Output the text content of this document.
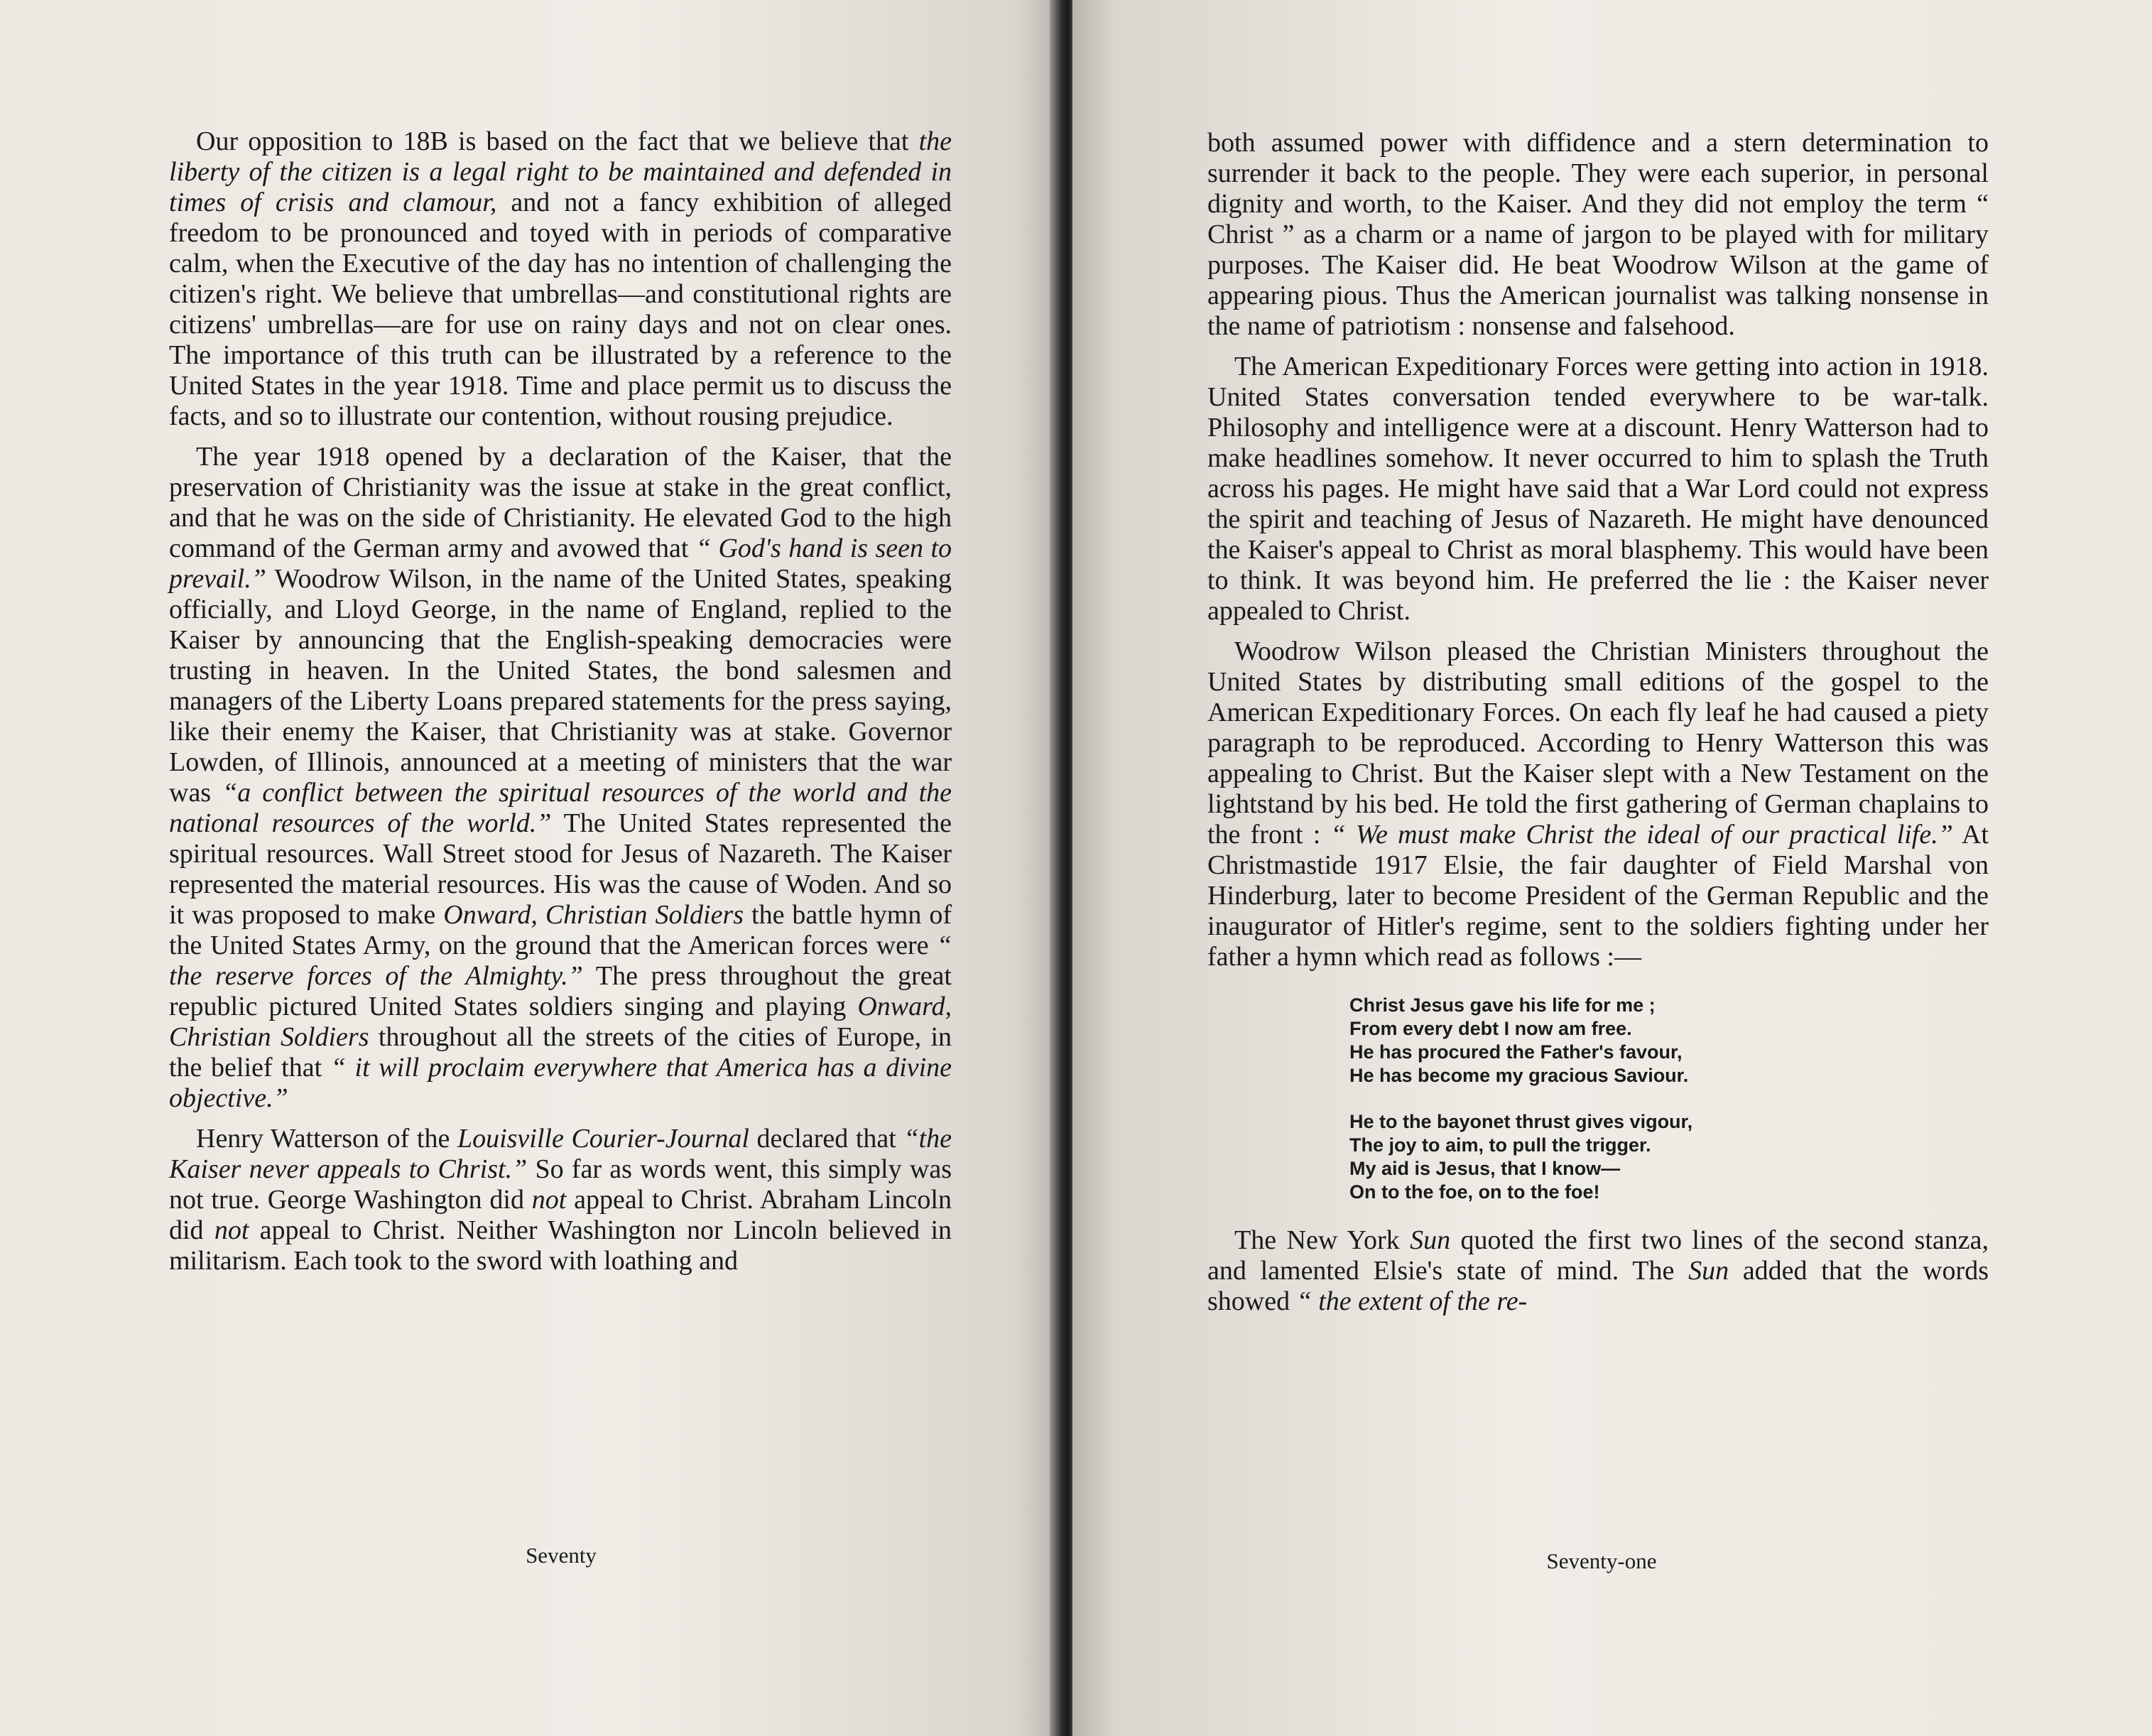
Our opposition to 18B is based on the fact that we believe that the liberty of the citizen is a legal right to be maintained and defended in times of crisis and clamour, and not a fancy exhibition of alleged freedom to be pronounced and toyed with in periods of comparative calm, when the Executive of the day has no intention of challenging the citizen's right. We believe that umbrellas—and constitutional rights are citizens' umbrellas—are for use on rainy days and not on clear ones. The importance of this truth can be illustrated by a reference to the United States in the year 1918. Time and place permit us to discuss the facts, and so to illustrate our contention, without rousing prejudice.

The year 1918 opened by a declaration of the Kaiser, that the preservation of Christianity was the issue at stake in the great conflict, and that he was on the side of Christianity. He elevated God to the high command of the German army and avowed that “ God's hand is seen to prevail.” Woodrow Wilson, in the name of the United States, speaking officially, and Lloyd George, in the name of England, replied to the Kaiser by announcing that the English-speaking democracies were trusting in heaven. In the United States, the bond salesmen and managers of the Liberty Loans prepared statements for the press saying, like their enemy the Kaiser, that Christianity was at stake. Governor Lowden, of Illinois, announced at a meeting of ministers that the war was “a conflict between the spiritual resources of the world and the national resources of the world.” The United States represented the spiritual resources. Wall Street stood for Jesus of Nazareth. The Kaiser represented the material resources. His was the cause of Woden. And so it was proposed to make Onward, Christian Soldiers the battle hymn of the United States Army, on the ground that the American forces were “ the reserve forces of the Almighty.” The press throughout the great republic pictured United States soldiers singing and playing Onward, Christian Soldiers throughout all the streets of the cities of Europe, in the belief that “ it will proclaim everywhere that America has a divine objective.”

Henry Watterson of the Louisville Courier-Journal declared that “the Kaiser never appeals to Christ.” So far as words went, this simply was not true. George Washington did not appeal to Christ. Abraham Lincoln did not appeal to Christ. Neither Washington nor Lincoln believed in militarism. Each took to the sword with loathing and

Seventy

both assumed power with diffidence and a stern determination to surrender it back to the people. They were each superior, in personal dignity and worth, to the Kaiser. And they did not employ the term “ Christ ” as a charm or a name of jargon to be played with for military purposes. The Kaiser did. He beat Woodrow Wilson at the game of appearing pious. Thus the American journalist was talking nonsense in the name of patriotism : nonsense and falsehood.

The American Expeditionary Forces were getting into action in 1918. United States conversation tended everywhere to be war-talk. Philosophy and intelligence were at a discount. Henry Watterson had to make headlines somehow. It never occurred to him to splash the Truth across his pages. He might have said that a War Lord could not express the spirit and teaching of Jesus of Nazareth. He might have denounced the Kaiser's appeal to Christ as moral blasphemy. This would have been to think. It was beyond him. He preferred the lie : the Kaiser never appealed to Christ.

Woodrow Wilson pleased the Christian Ministers throughout the United States by distributing small editions of the gospel to the American Expeditionary Forces. On each fly leaf he had caused a piety paragraph to be reproduced. According to Henry Watterson this was appealing to Christ. But the Kaiser slept with a New Testament on the lightstand by his bed. He told the first gathering of German chaplains to the front : “ We must make Christ the ideal of our practical life.” At Christmastide 1917 Elsie, the fair daughter of Field Marshal von Hinderburg, later to become President of the German Republic and the inaugurator of Hitler's regime, sent to the soldiers fighting under her father a hymn which read as follows :—

Christ Jesus gave his life for me ;
From every debt I now am free.
He has procured the Father's favour,
He has become my gracious Saviour.
He to the bayonet thrust gives vigour,
The joy to aim, to pull the trigger.
My aid is Jesus, that I know—
On to the foe, on to the foe!

The New York Sun quoted the first two lines of the second stanza, and lamented Elsie's state of mind. The Sun added that the words showed “ the extent of the re-

Seventy-one
